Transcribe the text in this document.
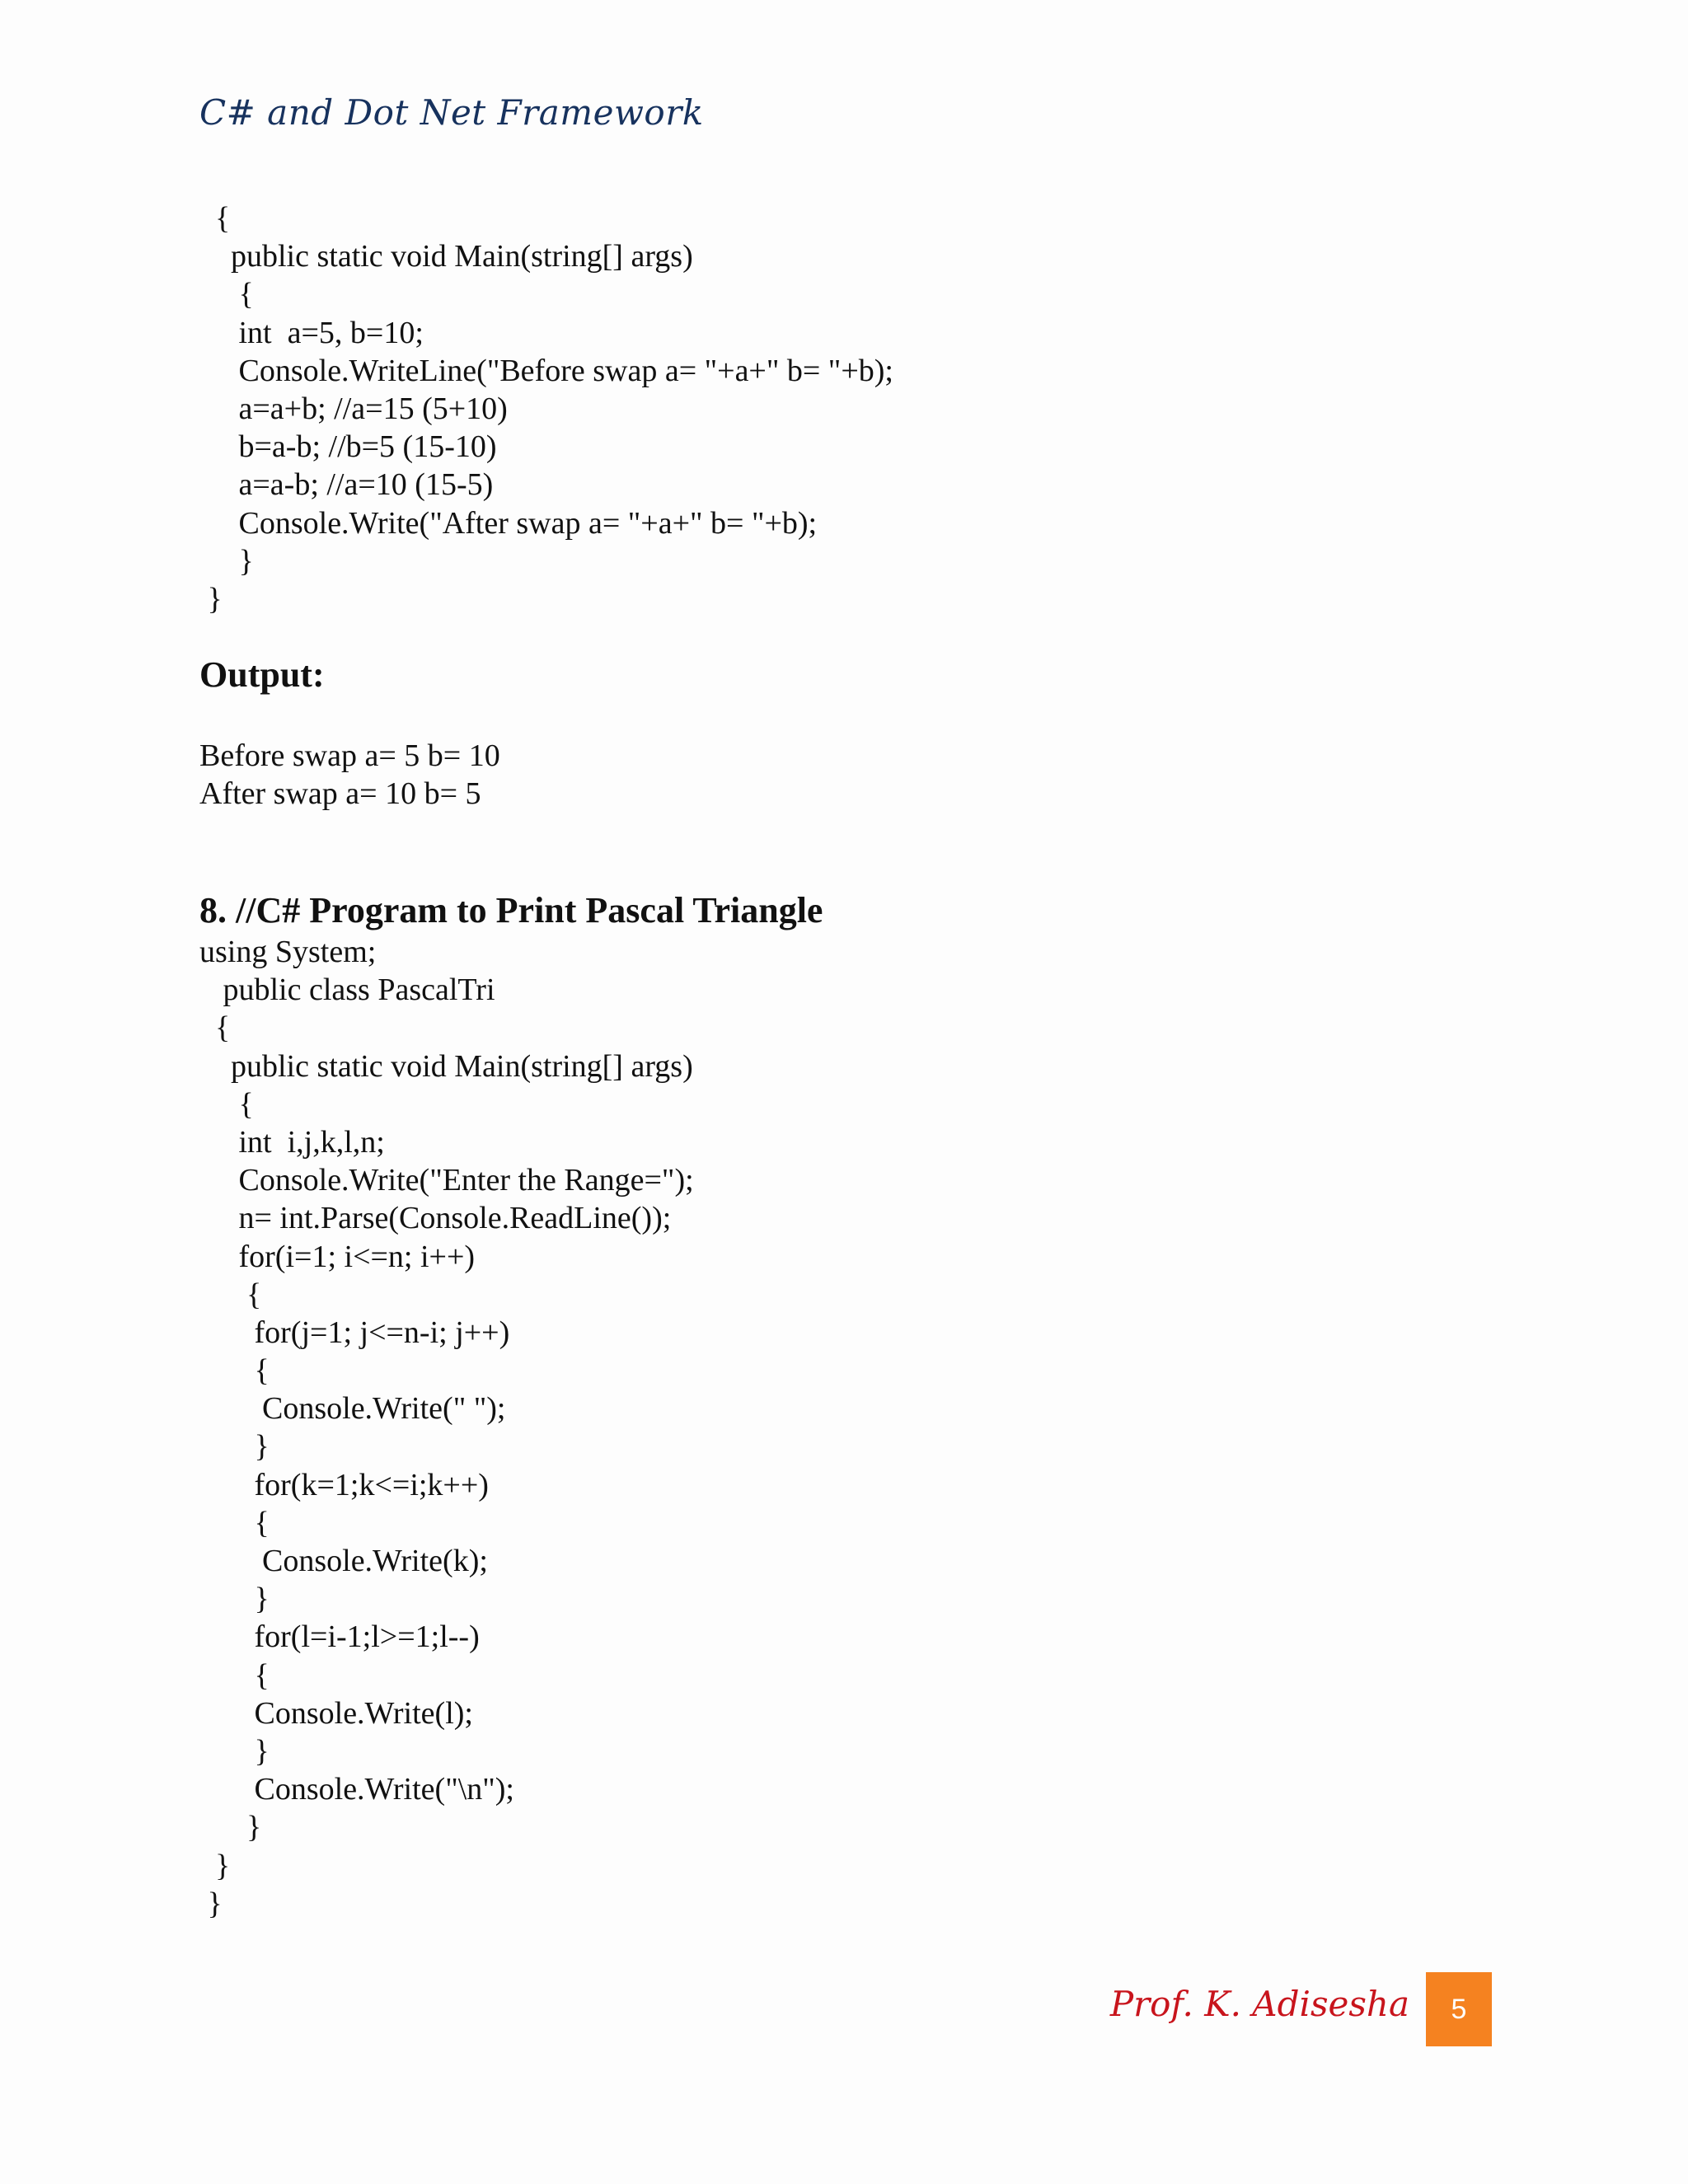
C# and Dot Net Framework
{
public static void Main(string[] args)
{
int  a=5, b=10;
Console.WriteLine("Before swap a= "+a+" b= "+b);
a=a+b; //a=15 (5+10)
b=a-b; //b=5 (15-10)
a=a-b; //a=10 (15-5)
Console.Write("After swap a= "+a+" b= "+b);
}
}
Output:
Before swap a= 5 b= 10
After swap a= 10 b= 5
8. //C# Program to Print Pascal Triangle
using System;
public class PascalTri
{
public static void Main(string[] args)
{
int  i,j,k,l,n;
Console.Write("Enter the Range=");
n= int.Parse(Console.ReadLine());
for(i=1; i<=n; i++)
{
for(j=1; j<=n-i; j++)
{
Console.Write(" ");
}
for(k=1;k<=i;k++)
{
Console.Write(k);
}
for(l=i-1;l>=1;l--)
{
Console.Write(l);
}
Console.Write("\n");
}
}
}
Prof. K. Adisesha 5
